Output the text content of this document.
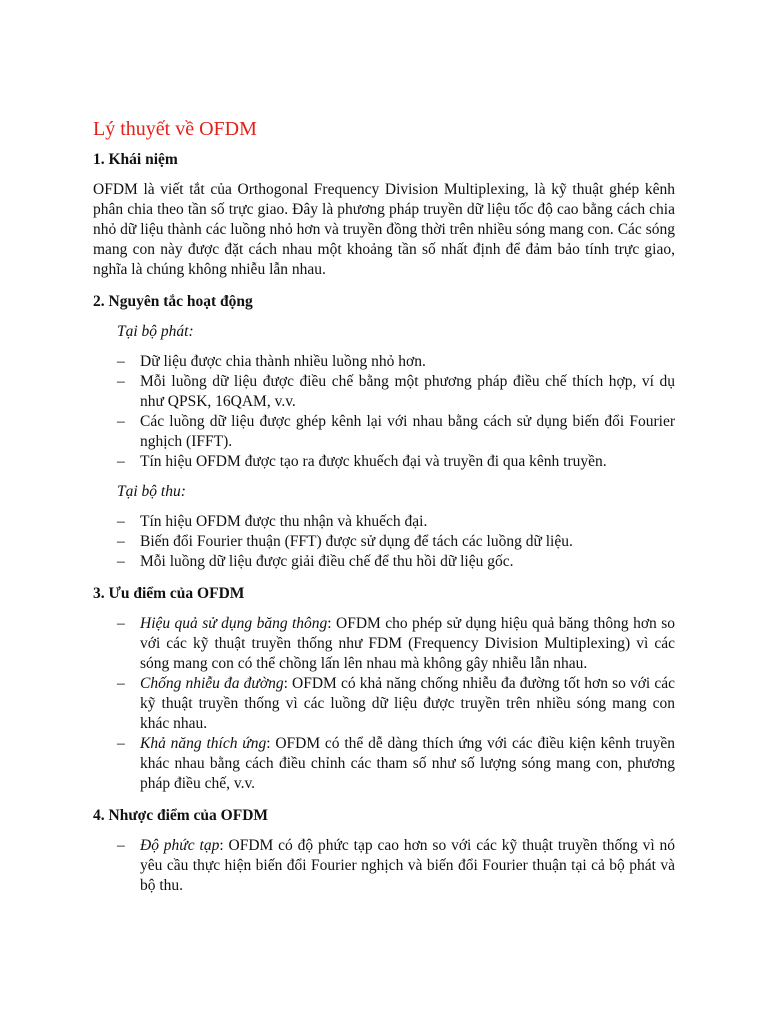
Lý thuyết về OFDM
1. Khái niệm

OFDM là viết tắt của Orthogonal Frequency Division Multiplexing, là kỹ thuật ghép kênh phân chia theo tần số trực giao. Đây là phương pháp truyền dữ liệu tốc độ cao bằng cách chia nhỏ dữ liệu thành các luồng nhỏ hơn và truyền đồng thời trên nhiều sóng mang con. Các sóng mang con này được đặt cách nhau một khoảng tần số nhất định để đảm bảo tính trực giao, nghĩa là chúng không nhiễu lẫn nhau.

2. Nguyên tắc hoạt động
Tại bộ phát:
– Dữ liệu được chia thành nhiều luồng nhỏ hơn.
– Mỗi luồng dữ liệu được điều chế bằng một phương pháp điều chế thích hợp, ví dụ như QPSK, 16QAM, v.v.
– Các luồng dữ liệu được ghép kênh lại với nhau bằng cách sử dụng biến đổi Fourier nghịch (IFFT).
– Tín hiệu OFDM được tạo ra được khuếch đại và truyền đi qua kênh truyền.
Tại bộ thu:
– Tín hiệu OFDM được thu nhận và khuếch đại.
– Biến đổi Fourier thuận (FFT) được sử dụng để tách các luồng dữ liệu.
– Mỗi luồng dữ liệu được giải điều chế để thu hồi dữ liệu gốc.
3. Ưu điểm của OFDM
– Hiệu quả sử dụng băng thông: OFDM cho phép sử dụng hiệu quả băng thông hơn so với các kỹ thuật truyền thống như FDM (Frequency Division Multiplexing) vì các sóng mang con có thể chồng lấn lên nhau mà không gây nhiễu lẫn nhau.
– Chống nhiễu đa đường: OFDM có khả năng chống nhiễu đa đường tốt hơn so với các kỹ thuật truyền thống vì các luồng dữ liệu được truyền trên nhiều sóng mang con khác nhau.
– Khả năng thích ứng: OFDM có thể dễ dàng thích ứng với các điều kiện kênh truyền khác nhau bằng cách điều chỉnh các tham số như số lượng sóng mang con, phương pháp điều chế, v.v.
4. Nhược điểm của OFDM
– Độ phức tạp: OFDM có độ phức tạp cao hơn so với các kỹ thuật truyền thống vì nó yêu cầu thực hiện biến đổi Fourier nghịch và biến đổi Fourier thuận tại cả bộ phát và bộ thu.
